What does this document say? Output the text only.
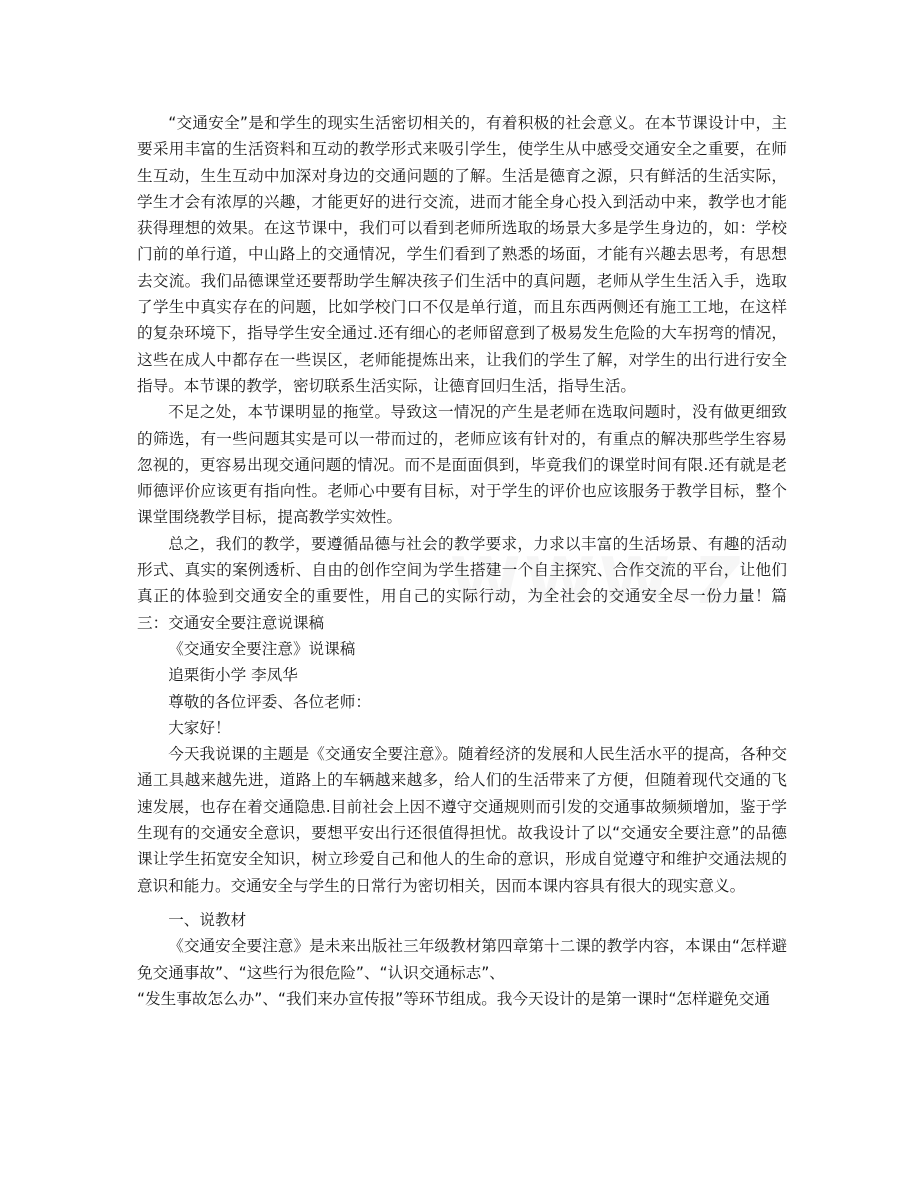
“交通安全”是和学生的现实生活密切相关的，有着积极的社会意义。在本节课设计中，主要采用丰富的生活资料和互动的教学形式来吸引学生，使学生从中感受交通安全之重要，在师生互动，生生互动中加深对身边的交通问题的了解。生活是德育之源，只有鲜活的生活实际，学生才会有浓厚的兴趣，才能更好的进行交流，进而才能全身心投入到活动中来，教学也才能获得理想的效果。在这节课中，我们可以看到老师所选取的场景大多是学生身边的，如：学校门前的单行道，中山路上的交通情况，学生们看到了熟悉的场面，才能有兴趣去思考，有思想去交流。我们品德课堂还要帮助学生解决孩子们生活中的真问题，老师从学生生活入手，选取了学生中真实存在的问题，比如学校门口不仅是单行道，而且东西两侧还有施工工地，在这样的复杂环境下，指导学生安全通过.还有细心的老师留意到了极易发生危险的大车拐弯的情况，这些在成人中都存在一些误区，老师能提炼出来，让我们的学生了解，对学生的出行进行安全指导。本节课的教学，密切联系生活实际，让德育回归生活，指导生活。

不足之处，本节课明显的拖堂。导致这一情况的产生是老师在选取问题时，没有做更细致的筛选，有一些问题其实是可以一带而过的，老师应该有针对的，有重点的解决那些学生容易忽视的，更容易出现交通问题的情况。而不是面面俱到，毕竟我们的课堂时间有限.还有就是老师德评价应该更有指向性。老师心中要有目标，对于学生的评价也应该服务于教学目标，整个课堂围绕教学目标，提高教学实效性。

总之，我们的教学，要遵循品德与社会的教学要求，力求以丰富的生活场景、有趣的活动形式、真实的案例透析、自由的创作空间为学生搭建一个自主探究、合作交流的平台，让他们真正的体验到交通安全的重要性，用自己的实际行动，为全社会的交通安全尽一份力量！篇三：交通安全要注意说课稿

《交通安全要注意》说课稿

追栗街小学 李凤华

尊敬的各位评委、各位老师：

大家好！

今天我说课的主题是《交通安全要注意》。随着经济的发展和人民生活水平的提高，各种交通工具越来越先进，道路上的车辆越来越多，给人们的生活带来了方便，但随着现代交通的飞速发展，也存在着交通隐患.目前社会上因不遵守交通规则而引发的交通事故频频增加，鉴于学生现有的交通安全意识，要想平安出行还很值得担忧。故我设计了以“交通安全要注意”的品德课让学生拓宽安全知识，树立珍爱自己和他人的生命的意识，形成自觉遵守和维护交通法规的意识和能力。交通安全与学生的日常行为密切相关，因而本课内容具有很大的现实意义。

一、说教材

《交通安全要注意》是未来出版社三年级教材第四章第十二课的教学内容，本课由“怎样避免交通事故”、“这些行为很危险”、“认识交通标志”、

“发生事故怎么办”、“我们来办宣传报”等环节组成。我今天设计的是第一课时“怎样避免交通
